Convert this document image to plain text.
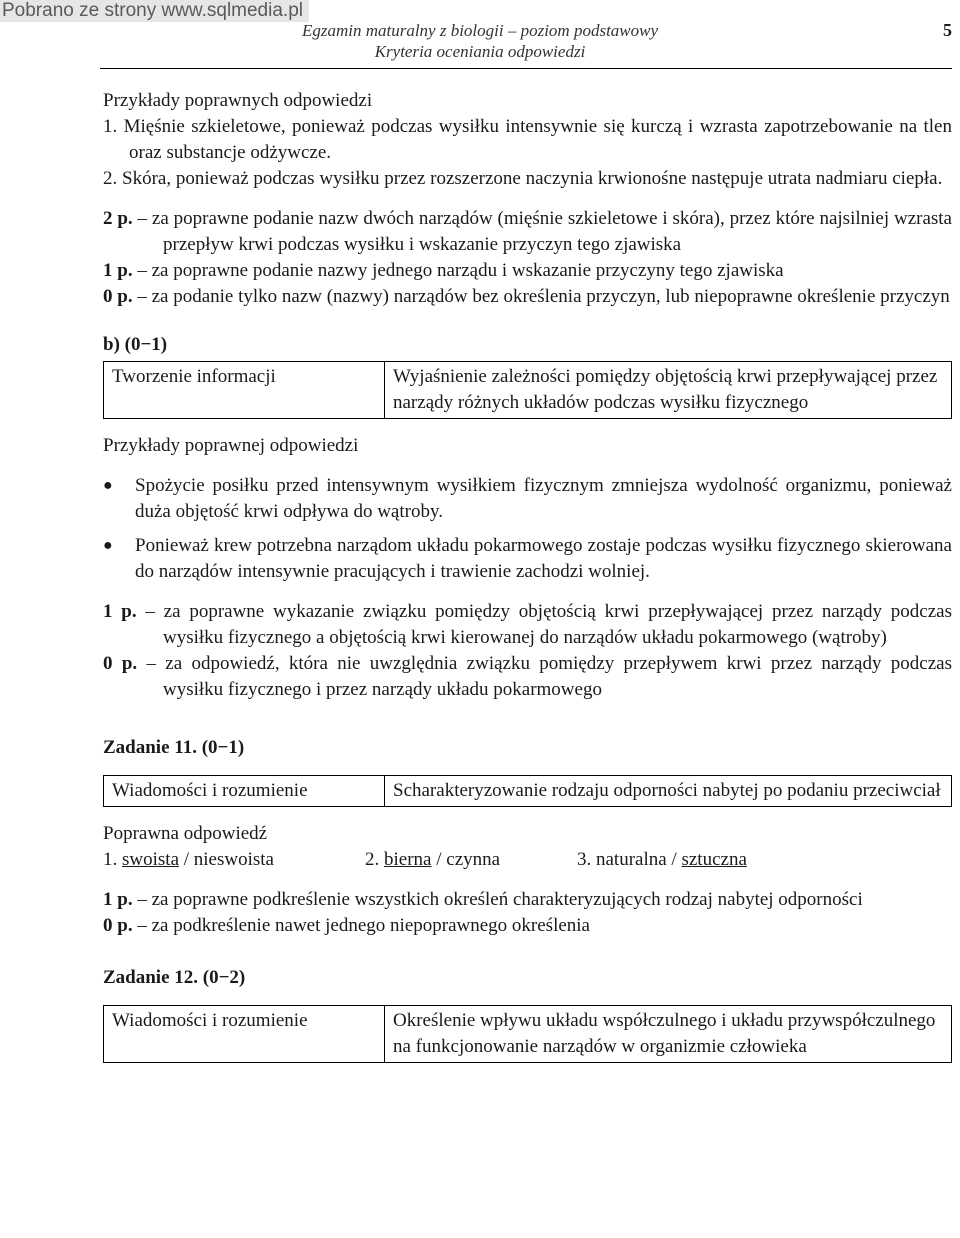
Pobrano ze strony www.sqlmedia.pl
Egzamin maturalny z biologii – poziom podstawowy
Kryteria oceniania odpowiedzi
5

Przykłady poprawnych odpowiedzi

1. Mięśnie szkieletowe, ponieważ podczas wysiłku intensywnie się kurczą i wzrasta zapotrzebowanie na tlen oraz substancje odżywcze.

2. Skóra, ponieważ podczas wysiłku przez rozszerzone naczynia krwionośne następuje utrata nadmiaru ciepła.

2 p. – za poprawne podanie nazw dwóch narządów (mięśnie szkieletowe i skóra), przez które najsilniej wzrasta przepływ krwi podczas wysiłku i wskazanie przyczyn tego zjawiska

1 p. – za poprawne podanie nazwy jednego narządu i wskazanie przyczyny tego zjawiska

0 p. – za podanie tylko nazw (nazwy) narządów bez określenia przyczyn, lub niepoprawne określenie przyczyn

b) (0−1)

Tworzenie informacji	Wyjaśnienie zależności pomiędzy objętością krwi przepływającej przez narządy różnych układów podczas wysiłku fizycznego

Przykłady poprawnej odpowiedzi

●	Spożycie posiłku przed intensywnym wysiłkiem fizycznym zmniejsza wydolność organizmu, ponieważ duża objętość krwi odpływa do wątroby.
●	Ponieważ krew potrzebna narządom układu pokarmowego zostaje podczas wysiłku fizycznego skierowana do narządów intensywnie pracujących i trawienie zachodzi wolniej.

1 p. – za poprawne wykazanie związku pomiędzy objętością krwi przepływającej przez narządy podczas wysiłku fizycznego a objętością krwi kierowanej do narządów układu pokarmowego (wątroby)

0 p. – za odpowiedź, która nie uwzględnia związku pomiędzy przepływem krwi przez narządy podczas wysiłku fizycznego i przez narządy układu pokarmowego

Zadanie 11. (0−1)

Wiadomości i rozumienie	Scharakteryzowanie rodzaju odporności nabytej po podaniu przeciwciał

Poprawna odpowiedź

1. swoista / nieswoista	2. bierna / czynna	3. naturalna / sztuczna

1 p. – za poprawne podkreślenie wszystkich określeń charakteryzujących rodzaj nabytej odporności

0 p. – za podkreślenie nawet jednego niepoprawnego określenia

Zadanie 12. (0−2)

Wiadomości i rozumienie	Określenie wpływu układu współczulnego i układu przywspółczulnego na funkcjonowanie narządów w organizmie człowieka
